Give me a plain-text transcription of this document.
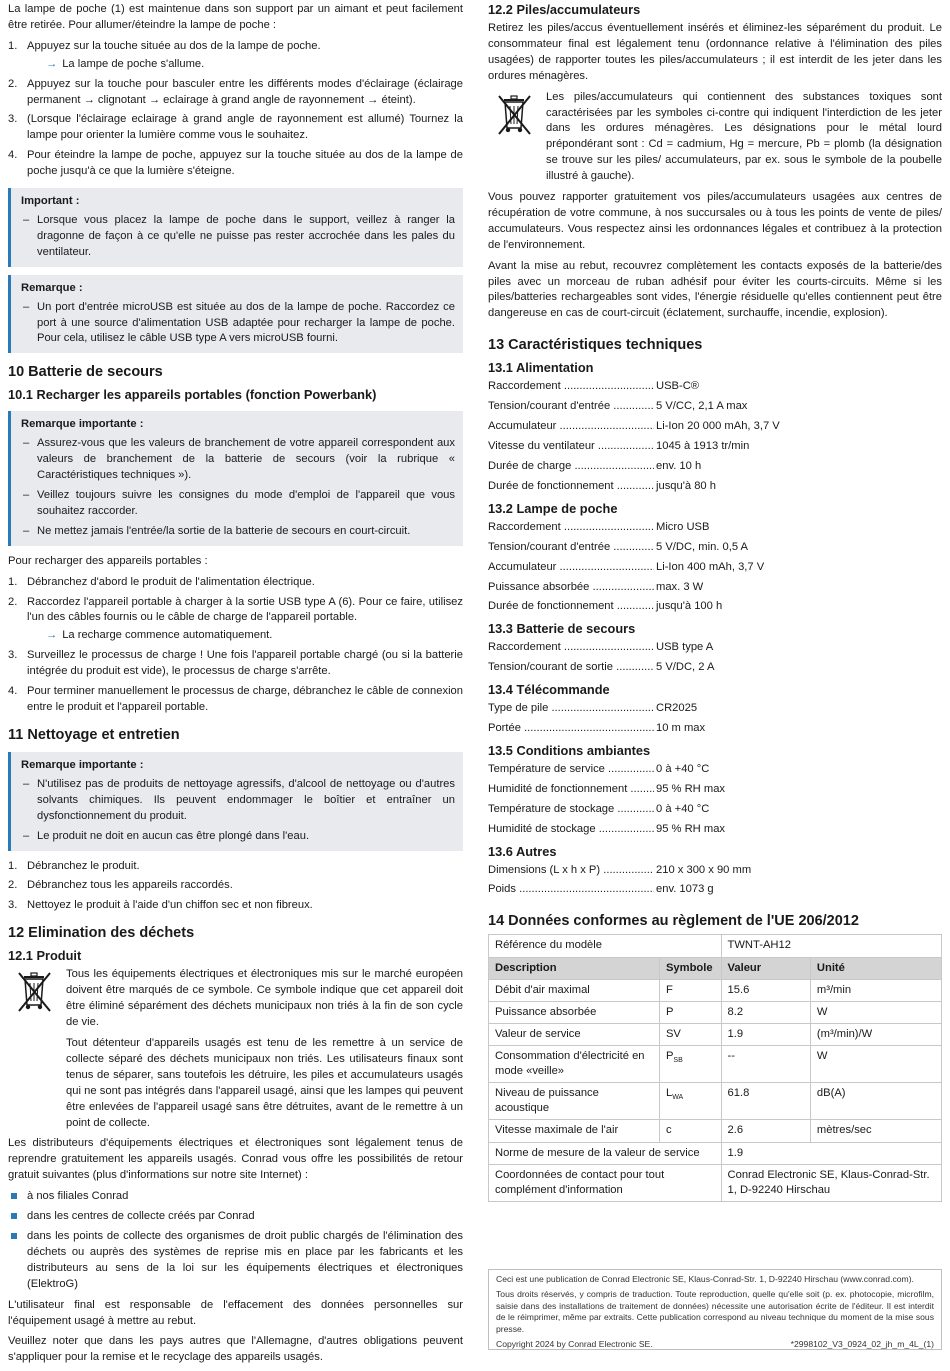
La lampe de poche (1) est maintenue dans son support par un aimant et peut facilement être retirée. Pour allumer/éteindre la lampe de poche :

1. Appuyez sur la touche située au dos de la lampe de poche.
→ La lampe de poche s'allume.
2. Appuyez sur la touche pour basculer entre les différents modes d'éclairage (éclairage permanent → clignotant → eclairage à grand angle de rayonnement → éteint).
3. (Lorsque l'éclairage eclairage à grand angle de rayonnement est allumé) Tournez la lampe pour orienter la lumière comme vous le souhaitez.
4. Pour éteindre la lampe de poche, appuyez sur la touche située au dos de la lampe de poche jusqu'à ce que la lumière s'éteigne.
Important :
– Lorsque vous placez la lampe de poche dans le support, veillez à ranger la dragonne de façon à ce qu'elle ne puisse pas rester accrochée dans les pales du ventilateur.
Remarque :
– Un port d'entrée microUSB est située au dos de la lampe de poche. Raccordez ce port à une source d'alimentation USB adaptée pour recharger la lampe de poche. Pour cela, utilisez le câble USB type A vers microUSB fourni.
10 Batterie de secours
10.1 Recharger les appareils portables (fonction Powerbank)
Remarque importante :
– Assurez-vous que les valeurs de branchement de votre appareil correspondent aux valeurs de branchement de la batterie de secours (voir la rubrique « Caractéristiques techniques »).
– Veillez toujours suivre les consignes du mode d'emploi de l'appareil que vous souhaitez raccorder.
– Ne mettez jamais l'entrée/la sortie de la batterie de secours en court-circuit.

Pour recharger des appareils portables :

1. Débranchez d'abord le produit de l'alimentation électrique.
2. Raccordez l'appareil portable à charger à la sortie USB type A (6). Pour ce faire, utilisez l'un des câbles fournis ou le câble de charge de l'appareil portable.
→ La recharge commence automatiquement.
3. Surveillez le processus de charge ! Une fois l'appareil portable chargé (ou si la batterie intégrée du produit est vide), le processus de charge s'arrête.
4. Pour terminer manuellement le processus de charge, débranchez le câble de connexion entre le produit et l'appareil portable.
11 Nettoyage et entretien
Remarque importante :
– N'utilisez pas de produits de nettoyage agressifs, d'alcool de nettoyage ou d'autres solvants chimiques. Ils peuvent endommager le boîtier et entraîner un dysfonctionnement du produit.
– Le produit ne doit en aucun cas être plongé dans l'eau.
1. Débranchez le produit.
2. Débranchez tous les appareils raccordés.
3. Nettoyez le produit à l'aide d'un chiffon sec et non fibreux.
12 Elimination des déchets
12.1 Produit

Tous les équipements électriques et électroniques mis sur le marché européen doivent être marqués de ce symbole. Ce symbole indique que cet appareil doit être éliminé séparément des déchets municipaux non triés à la fin de son cycle de vie.

Tout détenteur d'appareils usagés est tenu de les remettre à un service de collecte séparé des déchets municipaux non triés. Les utilisateurs finaux sont tenus de séparer, sans toutefois les détruire, les piles et accumulateurs usagés qui ne sont pas intégrés dans l'appareil usagé, ainsi que les lampes qui peuvent être enlevées de l'appareil usagé sans être détruites, avant de le remettre à un point de collecte.

Les distributeurs d'équipements électriques et électroniques sont légalement tenus de reprendre gratuitement les appareils usagés. Conrad vous offre les possibilités de retour gratuit suivantes (plus d'informations sur notre site Internet) :

à nos filiales Conrad
dans les centres de collecte créés par Conrad
dans les points de collecte des organismes de droit public chargés de l'élimination des déchets ou auprès des systèmes de reprise mis en place par les fabricants et les distributeurs au sens de la loi sur les équipements électriques et électroniques (ElektroG)

L'utilisateur final est responsable de l'effacement des données personnelles sur l'équipement usagé à mettre au rebut.

Veuillez noter que dans les pays autres que l'Allemagne, d'autres obligations peuvent s'appliquer pour la remise et le recyclage des appareils usagés.

12.2 Piles/accumulateurs

Retirez les piles/accus éventuellement insérés et éliminez-les séparément du produit. Le consommateur final est légalement tenu (ordonnance relative à l'élimination des piles usagées) de rapporter toutes les piles/accumulateurs ; il est interdit de les jeter dans les ordures ménagères.

Les piles/accumulateurs qui contiennent des substances toxiques sont caractérisées par les symboles ci-contre qui indiquent l'interdiction de les jeter dans les ordures ménagères. Les désignations pour le métal lourd prépondérant sont : Cd = cadmium, Hg = mercure, Pb = plomb (la désignation se trouve sur les piles/ accumulateurs, par ex. sous le symbole de la poubelle illustré à gauche).

Vous pouvez rapporter gratuitement vos piles/accumulateurs usagées aux centres de récupération de votre commune, à nos succursales ou à tous les points de vente de piles/ accumulateurs. Vous respectez ainsi les ordonnances légales et contribuez à la protection de l'environnement.

Avant la mise au rebut, recouvrez complètement les contacts exposés de la batterie/des piles avec un morceau de ruban adhésif pour éviter les courts-circuits. Même si les piles/batteries rechargeables sont vides, l'énergie résiduelle qu'elles contiennent peut être dangereuse en cas de court-circuit (éclatement, surchauffe, incendie, explosion).

13 Caractéristiques techniques
13.1 Alimentation
Raccordement .....	USB-C®
Tension/courant d'entrée .....	5 V/CC, 2,1 A max
Accumulateur .....	Li-Ion 20 000 mAh, 3,7 V
Vitesse du ventilateur .....	1045 à 1913 tr/min
Durée de charge .....	env. 10 h
Durée de fonctionnement .....	jusqu'à 80 h
13.2 Lampe de poche
Raccordement .....	Micro USB
Tension/courant d'entrée .....	5 V/DC, min. 0,5 A
Accumulateur .....	Li-Ion 400 mAh, 3,7 V
Puissance absorbée .....	max. 3 W
Durée de fonctionnement .....	jusqu'à 100 h
13.3 Batterie de secours
Raccordement .....	USB type A
Tension/courant de sortie .....	5 V/DC, 2 A
13.4 Télécommande
Type de pile .....	CR2025
Portée .....	10 m max
13.5 Conditions ambiantes
Température de service .....	0 à +40 °C
Humidité de fonctionnement .....	95 % RH max
Température de stockage .....	0 à +40 °C
Humidité de stockage .....	95 % RH max
13.6 Autres
Dimensions (L x h x P) .....	210 x 300 x 90 mm
Poids .....	env. 1073 g
14 Données conformes au règlement de l'UE 206/2012
Référence du modèle		TWNT-AH12	
Description	Symbole	Valeur	Unité
Débit d'air maximal	F	15.6	m³/min
Puissance absorbée	P	8.2	W
Valeur de service	SV	1.9	(m³/min)/W
Consommation d'électricité en mode «veille»	$P_{SB}$	--	W
Niveau de puissance acoustique	$L_{WA}$	61.8	dB(A)
Vitesse maximale de l'air	c	2.6	mètres/sec
Norme de mesure de la valeur de service		1.9	
Coordonnées de contact pour tout complément d'information		Conrad Electronic SE, Klaus-Conrad-Str. 1, D-92240 Hirschau	

Ceci est une publication de Conrad Electronic SE, Klaus-Conrad-Str. 1, D-92240 Hirschau (www.conrad.com).

Tous droits réservés, y compris de traduction. Toute reproduction, quelle qu'elle soit (p. ex. photocopie, microfilm, saisie dans des installations de traitement de données) nécessite une autorisation écrite de l'éditeur. Il est interdit de le réimprimer, même par extraits. Cette publication correspond au niveau technique du moment de la mise sous presse.

Copyright 2024 by Conrad Electronic SE.	*2998102_V3_0924_02_jh_m_4L_(1)
